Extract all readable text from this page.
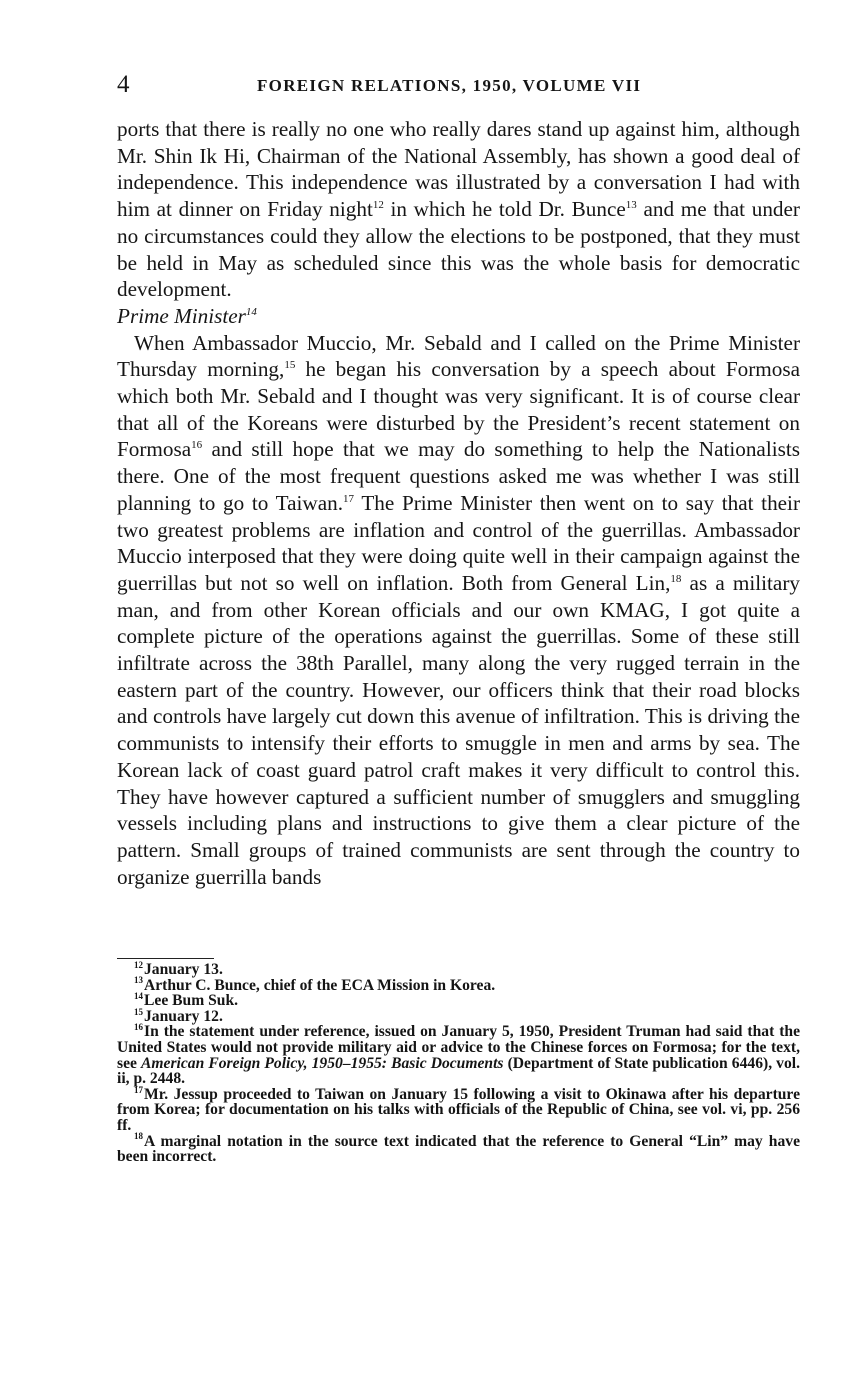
4	FOREIGN RELATIONS, 1950, VOLUME VII

ports that there is really no one who really dares stand up against him, although Mr. Shin Ik Hi, Chairman of the National Assembly, has shown a good deal of independence. This independence was illustrated by a conversation I had with him at dinner on Friday night$^{12}$ in which he told Dr. Bunce$^{13}$ and me that under no circumstances could they allow the elections to be postponed, that they must be held in May as scheduled since this was the whole basis for democratic development.

Prime Minister$^{14}$

When Ambassador Muccio, Mr. Sebald and I called on the Prime Minister Thursday morning,$^{15}$ he began his conversation by a speech about Formosa which both Mr. Sebald and I thought was very significant. It is of course clear that all of the Koreans were disturbed by the President’s recent statement on Formosa$^{16}$ and still hope that we may do something to help the Nationalists there. One of the most frequent questions asked me was whether I was still planning to go to Taiwan.$^{17}$ The Prime Minister then went on to say that their two greatest problems are inflation and control of the guerrillas. Ambassador Muccio interposed that they were doing quite well in their campaign against the guerrillas but not so well on inflation. Both from General Lin,$^{18}$ as a military man, and from other Korean officials and our own KMAG, I got quite a complete picture of the operations against the guerrillas. Some of these still infiltrate across the 38th Parallel, many along the very rugged terrain in the eastern part of the country. However, our officers think that their road blocks and controls have largely cut down this avenue of infiltration. This is driving the communists to intensify their efforts to smuggle in men and arms by sea. The Korean lack of coast guard patrol craft makes it very difficult to control this. They have however captured a sufficient number of smugglers and smuggling vessels including plans and instructions to give them a clear picture of the pattern. Small groups of trained communists are sent through the country to organize guerrilla bands

$^{12}$January 13.

$^{13}$Arthur C. Bunce, chief of the ECA Mission in Korea.

$^{14}$Lee Bum Suk.

$^{15}$January 12.

$^{16}$In the statement under reference, issued on January 5, 1950, President Truman had said that the United States would not provide military aid or advice to the Chinese forces on Formosa; for the text, see American Foreign Policy, 1950–1955: Basic Documents (Department of State publication 6446), vol. ii, p. 2448.

$^{17}$Mr. Jessup proceeded to Taiwan on January 15 following a visit to Okinawa after his departure from Korea; for documentation on his talks with officials of the Republic of China, see vol. vi, pp. 256 ff.

$^{18}$A marginal notation in the source text indicated that the reference to General “Lin” may have been incorrect.
